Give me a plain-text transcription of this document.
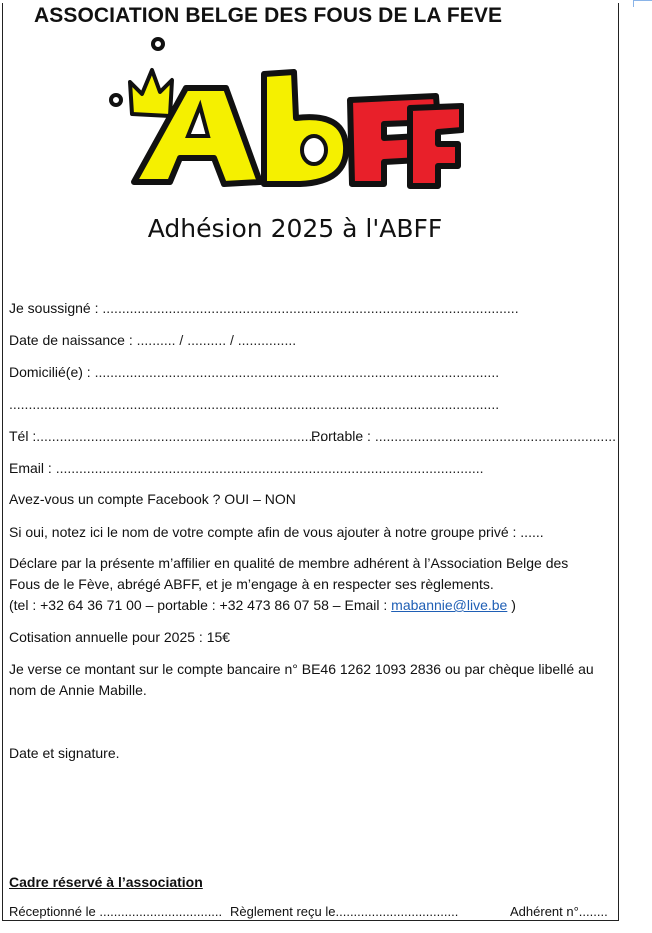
ASSOCIATION BELGE DES FOUS DE LA FEVE
Adhésion 2025 à l'ABFF
Je soussigné : ...........................................................................................................
Date de naissance : .......... / .......... / ...............
Domicilié(e) : ........................................................................................................
..............................................................................................................................
Tél :..........................................................................
Portable : ..............................................................
Email : ..............................................................................................................
Avez-vous un compte Facebook ? OUI – NON
Si oui, notez ici le nom de votre compte afin de vous ajouter à notre groupe privé : ......
Déclare par la présente m’affilier en qualité de membre adhérent à l’Association Belge des
Fous de le Fève, abrégé ABFF, et je m’engage à en respecter ses règlements.
(tel : +32 64 36 71 00 – portable : +32 473 86 07 58 – Email : mabannie@live.be )
Cotisation annuelle pour 2025 : 15€
Je verse ce montant sur le compte bancaire n° BE46 1262 1093 2836 ou par chèque libellé au
nom de Annie Mabille.
Date et signature.
Cadre réservé à l’association
Réceptionné le .................................. Règlement reçu le..................................	Adhérent n°........
